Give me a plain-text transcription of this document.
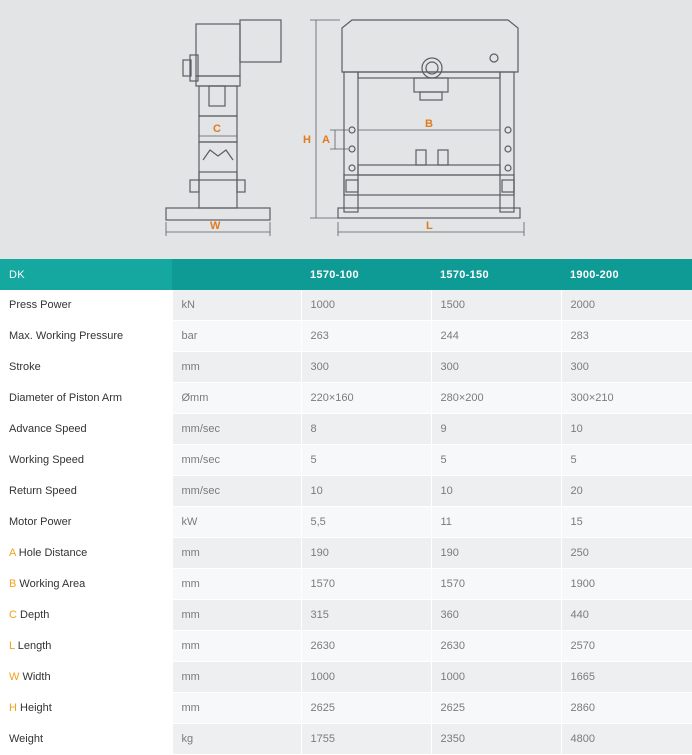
C
W
H A
B
L
DK		1570-100	1570-150	1900-200
Press Power	kN	1000	1500	2000
Max. Working Pressure	bar	263	244	283
Stroke	mm	300	300	300
Diameter of Piston Arm	Ømm	220×160	280×200	300×210
Advance Speed	mm/sec	8	9	10
Working Speed	mm/sec	5	5	5
Return Speed	mm/sec	10	10	20
Motor Power	kW	5,5	11	15
A Hole Distance	mm	190	190	250
B Working Area	mm	1570	1570	1900
C Depth	mm	315	360	440
L Length	mm	2630	2630	2570
W Width	mm	1000	1000	1665
H Height	mm	2625	2625	2860
Weight	kg	1755	2350	4800
